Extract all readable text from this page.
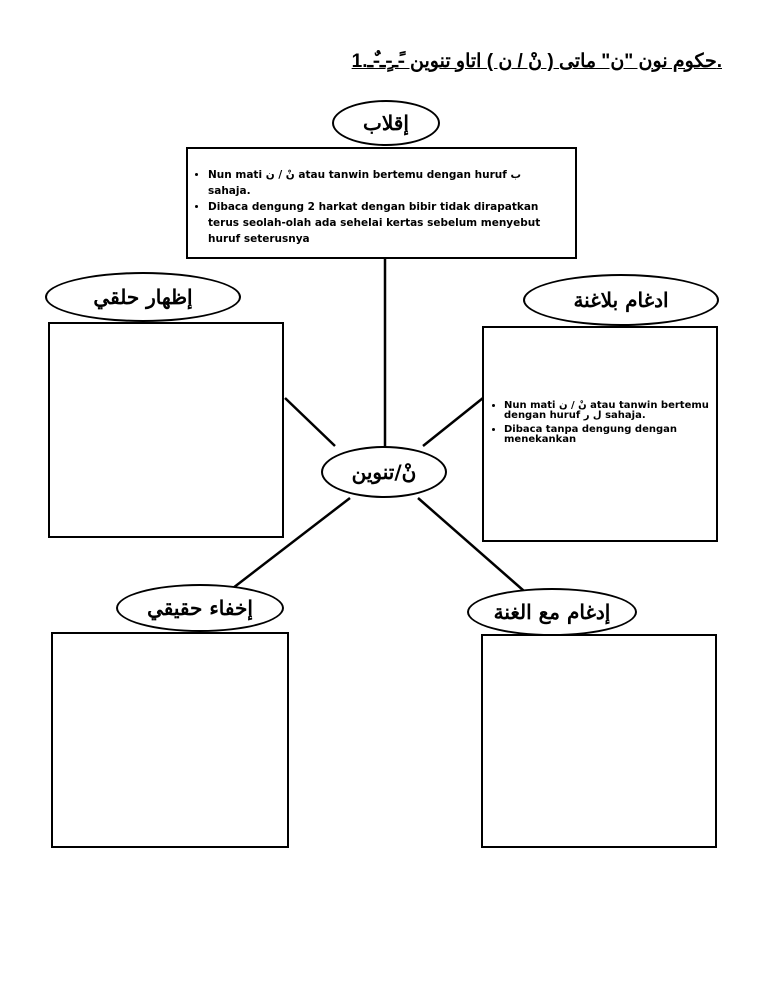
1.حكوم نون "ن" ماتی ( نْ / ن ) اتاو تنوين -ًـ-ٍـ-ٌـ.
إقلاب
• Nun mati نْ / ن atau tanwin bertemu dengan huruf ب sahaja.
• Dibaca dengung 2 harkat dengan bibir tidak dirapatkan terus seolah-olah ada sehelai kertas sebelum menyebut huruf seterusnya
إظهار حلقي	ادغام بلاغنة
• Nun mati نْ / ن atau tanwin bertemu dengan huruf ل ر sahaja.
• Dibaca tanpa dengung dengan menekankan
نْ/تنوين
إخفاء حقيقي	إدغام مع الغنة
